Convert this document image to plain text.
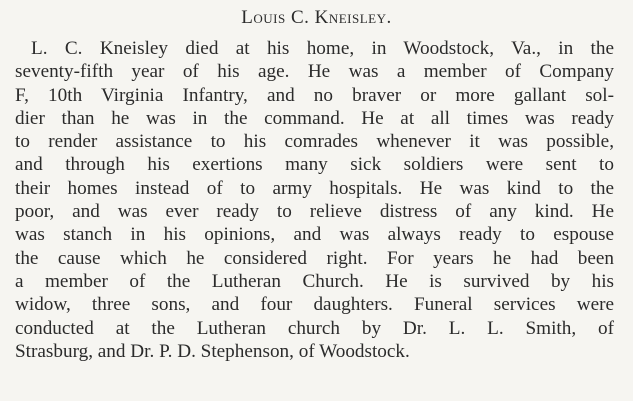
Louis C. Kneisley.
L. C. Kneisley died at his home, in Woodstock, Va., in the
seventy-fifth year of his age. He was a member of Company
F, 10th Virginia Infantry, and no braver or more gallant sol-
dier than he was in the command. He at all times was ready
to render assistance to his comrades whenever it was possible,
and through his exertions many sick soldiers were sent to
their homes instead of to army hospitals. He was kind to the
poor, and was ever ready to relieve distress of any kind. He
was stanch in his opinions, and was always ready to espouse
the cause which he considered right. For years he had been
a member of the Lutheran Church. He is survived by his
widow, three sons, and four daughters. Funeral services were
conducted at the Lutheran church by Dr. L. L. Smith, of
Strasburg, and Dr. P. D. Stephenson, of Woodstock.
